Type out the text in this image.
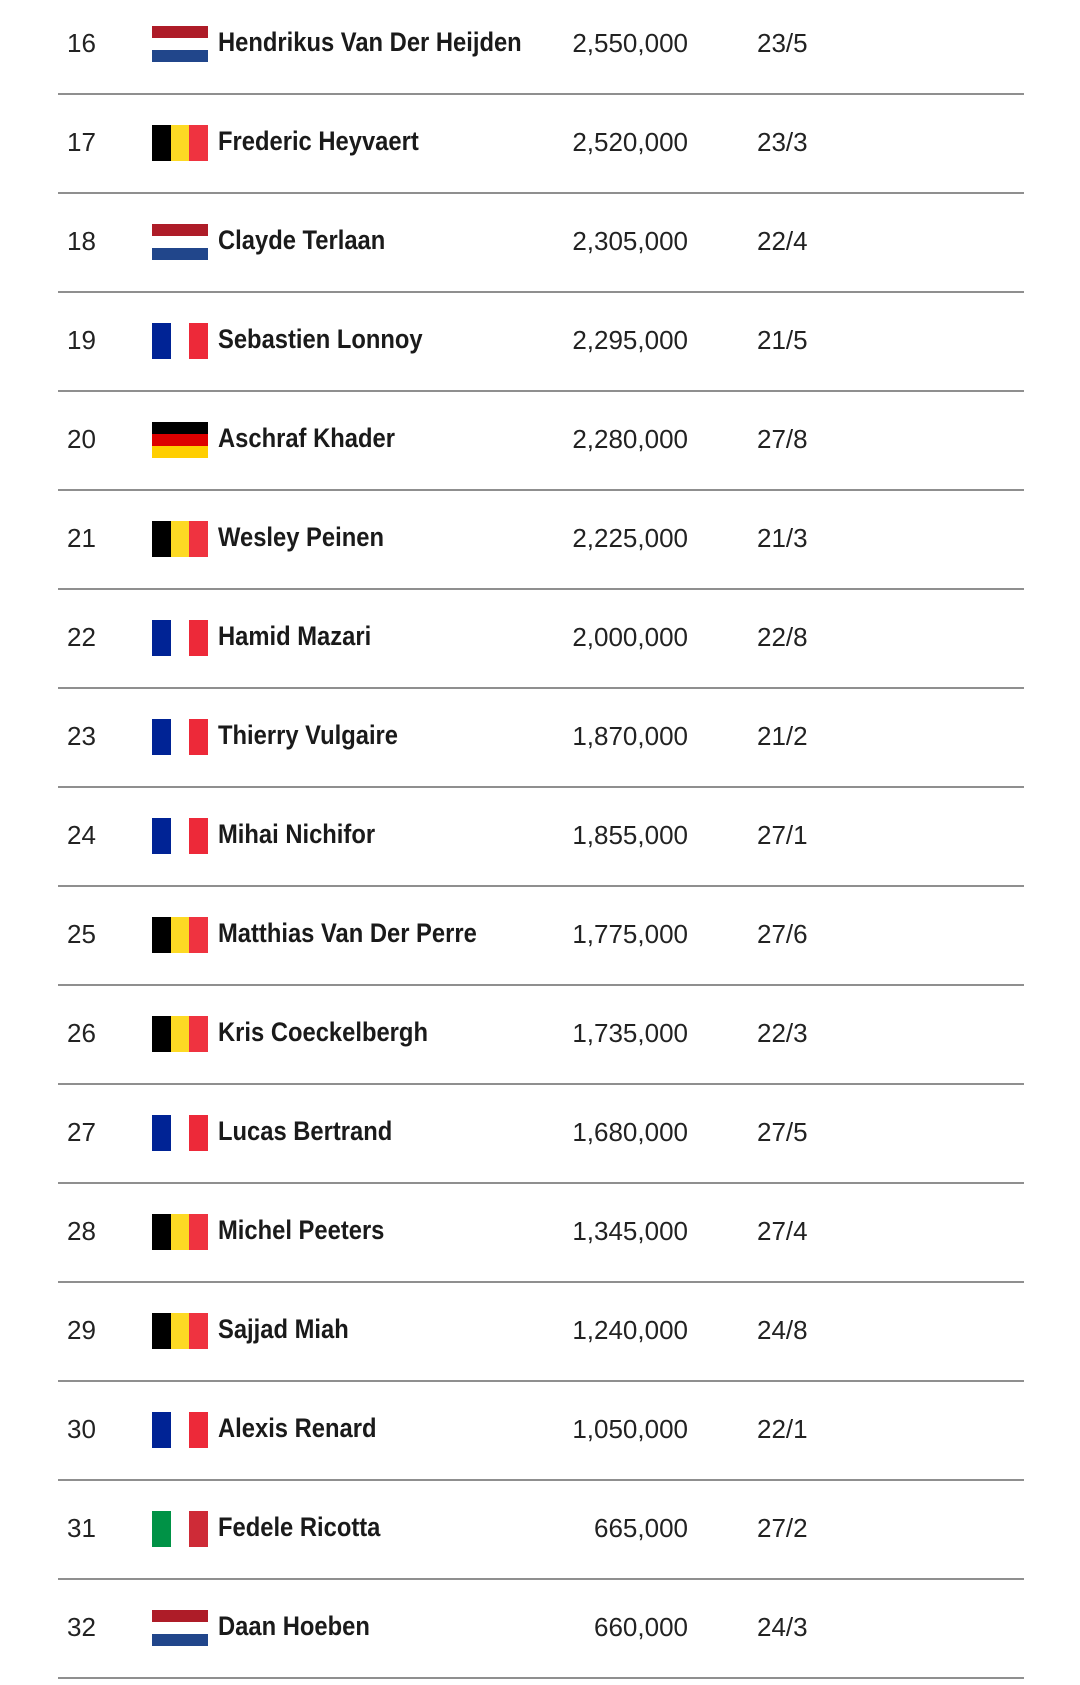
16	Hendrikus Van Der Heijden 2,550,000	23/5
17	Frederic Heyvaert	2,520,000	23/3
18	Clayde Terlaan	2,305,000	22/4
19	Sebastien Lonnoy	2,295,000	21/5
20	Aschraf Khader	2,280,000	27/8
21	Wesley Peinen	2,225,000	21/3
22	Hamid Mazari	2,000,000	22/8
23	Thierry Vulgaire	1,870,000	21/2
24	Mihai Nichifor	1,855,000	27/1
25	Matthias Van Der Perre	1,775,000	27/6
26	Kris Coeckelbergh	1,735,000	22/3
27	Lucas Bertrand	1,680,000	27/5
28	Michel Peeters	1,345,000	27/4
29	Sajjad Miah	1,240,000	24/8
30	Alexis Renard	1,050,000	22/1
31	Fedele Ricotta	665,000	27/2
32	Daan Hoeben	660,000	24/3
